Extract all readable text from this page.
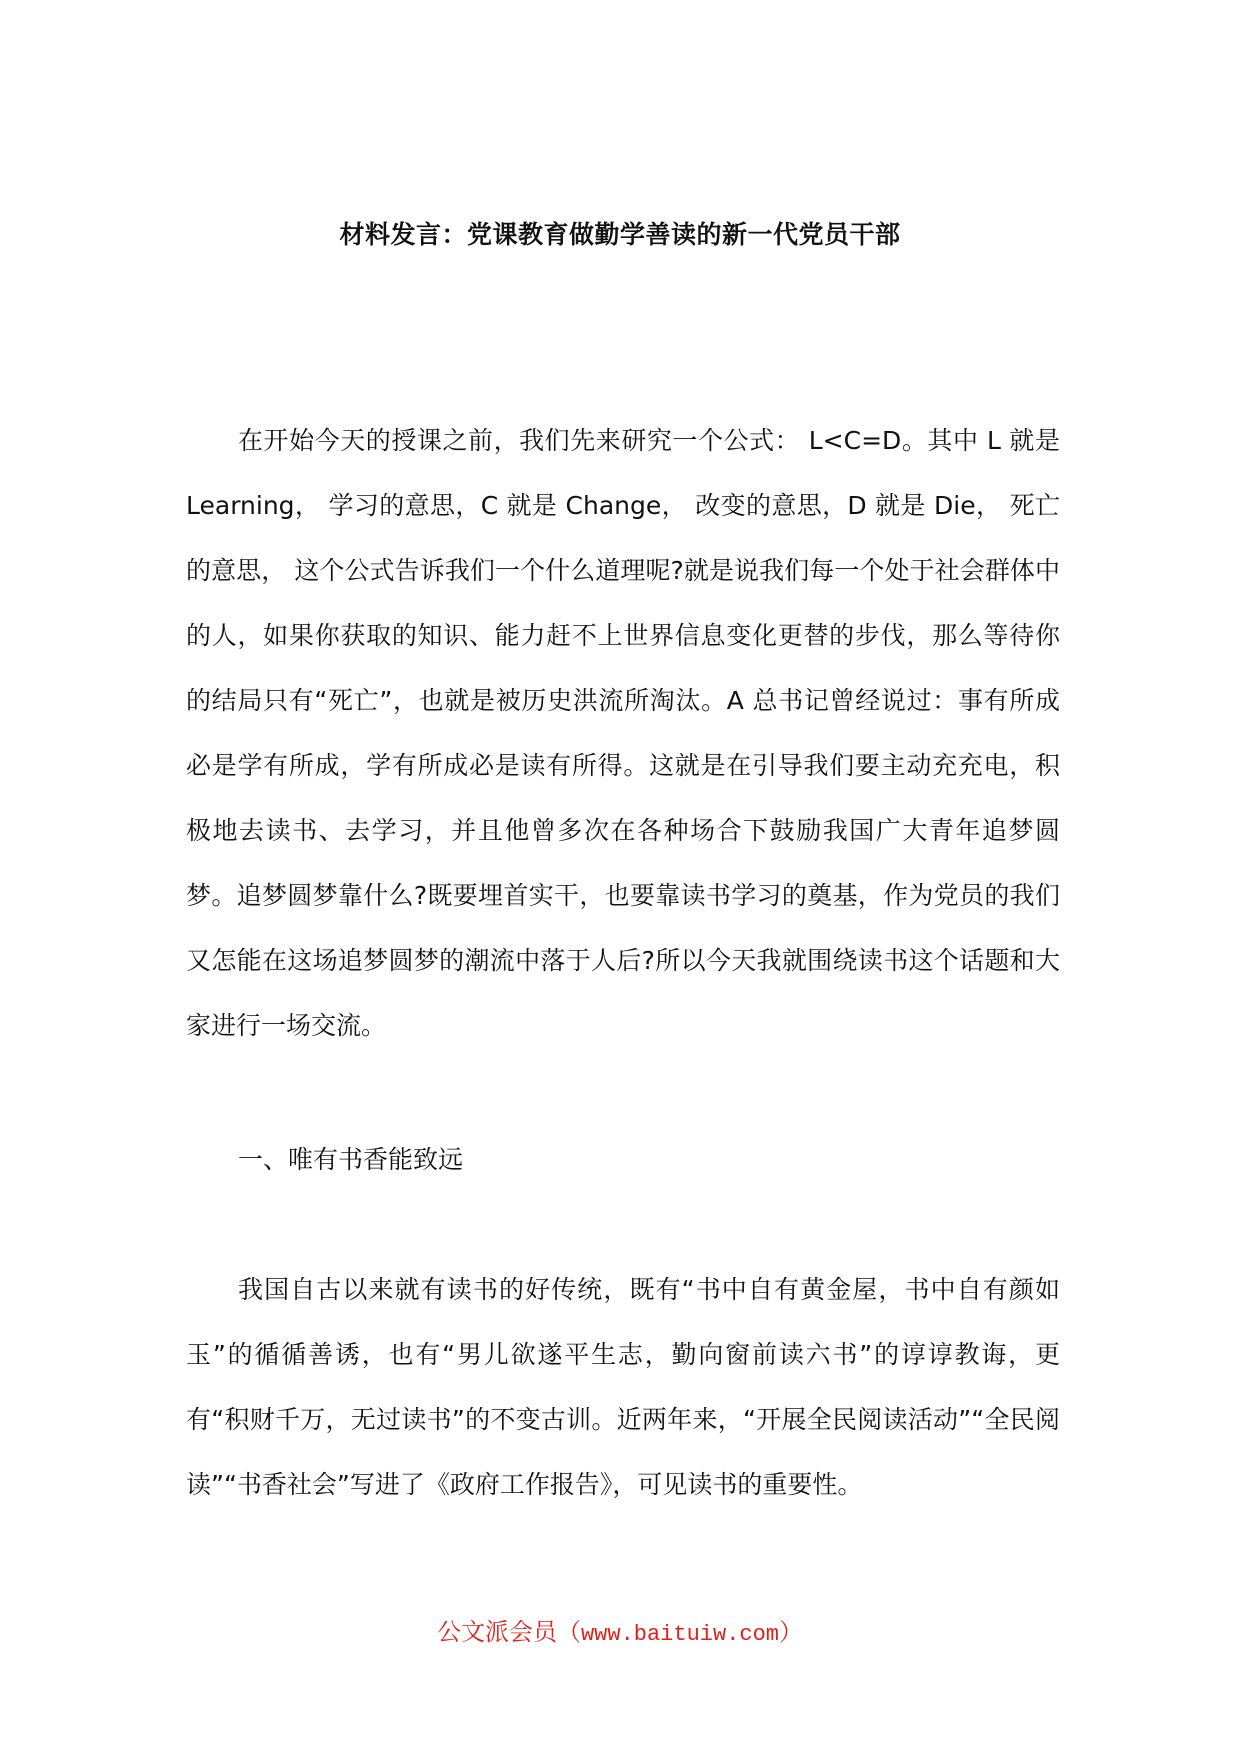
材料发言：党课教育做勤学善读的新一代党员干部

在开始今天的授课之前，我们先来研究一个公式： L<C=D。其中 L 就是 Learning， 学习的意思，C 就是 Change， 改变的意思，D 就是 Die， 死亡的意思， 这个公式告诉我们一个什么道理呢?就是说我们每一个处于社会群体中的人，如果你获取的知识、能力赶不上世界信息变化更替的步伐，那么等待你的结局只有“死亡”，也就是被历史洪流所淘汰。A 总书记曾经说过：事有所成必是学有所成，学有所成必是读有所得。这就是在引导我们要主动充充电，积极地去读书、去学习，并且他曾多次在各种场合下鼓励我国广大青年追梦圆梦。追梦圆梦靠什么?既要埋首实干，也要靠读书学习的奠基，作为党员的我们又怎能在这场追梦圆梦的潮流中落于人后?所以今天我就围绕读书这个话题和大家进行一场交流。

一、唯有书香能致远

我国自古以来就有读书的好传统，既有“书中自有黄金屋，书中自有颜如玉”的循循善诱，也有“男儿欲遂平生志，勤向窗前读六书”的谆谆教诲，更有“积财千万，无过读书”的不变古训。近两年来，“开展全民阅读活动”“全民阅读”“书香社会”写进了《政府工作报告》，可见读书的重要性。

公文派会员（www.baituiw.com）
